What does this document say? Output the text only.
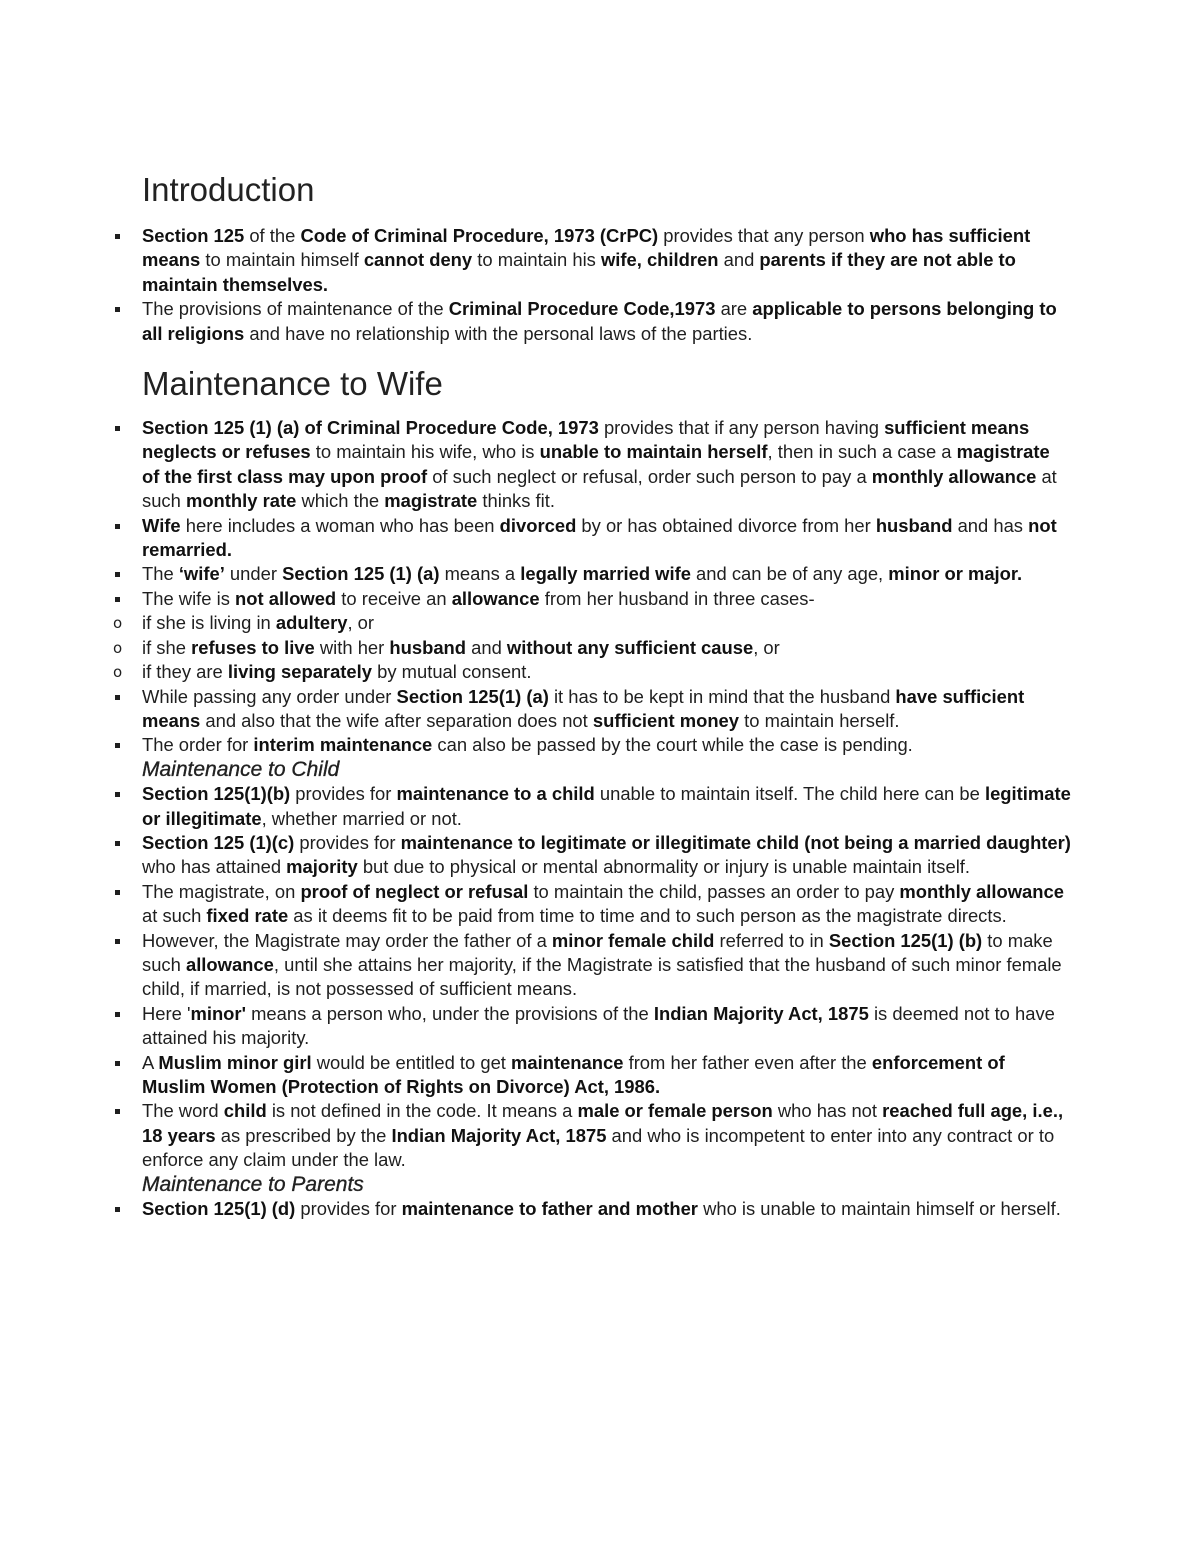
Introduction
Section 125 of the Code of Criminal Procedure, 1973 (CrPC) provides that any person who has sufficient means to maintain himself cannot deny to maintain his wife, children and parents if they are not able to maintain themselves.
The provisions of maintenance of the Criminal Procedure Code,1973 are applicable to persons belonging to all religions and have no relationship with the personal laws of the parties.
Maintenance to Wife
Section 125 (1) (a) of Criminal Procedure Code, 1973 provides that if any person having sufficient means neglects or refuses to maintain his wife, who is unable to maintain herself, then in such a case a magistrate of the first class may upon proof of such neglect or refusal, order such person to pay a monthly allowance at such monthly rate which the magistrate thinks fit.
Wife here includes a woman who has been divorced by or has obtained divorce from her husband and has not remarried.
The ‘wife’ under Section 125 (1) (a) means a legally married wife and can be of any age, minor or major.
The wife is not allowed to receive an allowance from her husband in three cases-
o if she is living in adultery, or
o if she refuses to live with her husband and without any sufficient cause, or
o if they are living separately by mutual consent.
While passing any order under Section 125(1) (a) it has to be kept in mind that the husband have sufficient means and also that the wife after separation does not sufficient money to maintain herself.
The order for interim maintenance can also be passed by the court while the case is pending.
Maintenance to Child
Section 125(1)(b) provides for maintenance to a child unable to maintain itself. The child here can be legitimate or illegitimate, whether married or not.
Section 125 (1)(c) provides for maintenance to legitimate or illegitimate child (not being a married daughter) who has attained majority but due to physical or mental abnormality or injury is unable maintain itself.
The magistrate, on proof of neglect or refusal to maintain the child, passes an order to pay monthly allowance at such fixed rate as it deems fit to be paid from time to time and to such person as the magistrate directs.
However, the Magistrate may order the father of a minor female child referred to in Section 125(1) (b) to make such allowance, until she attains her majority, if the Magistrate is satisfied that the husband of such minor female child, if married, is not possessed of sufficient means.
Here 'minor' means a person who, under the provisions of the Indian Majority Act, 1875 is deemed not to have attained his majority.
A Muslim minor girl would be entitled to get maintenance from her father even after the enforcement of Muslim Women (Protection of Rights on Divorce) Act, 1986.
The word child is not defined in the code. It means a male or female person who has not reached full age, i.e., 18 years as prescribed by the Indian Majority Act, 1875 and who is incompetent to enter into any contract or to enforce any claim under the law.
Maintenance to Parents
Section 125(1) (d) provides for maintenance to father and mother who is unable to maintain himself or herself.
